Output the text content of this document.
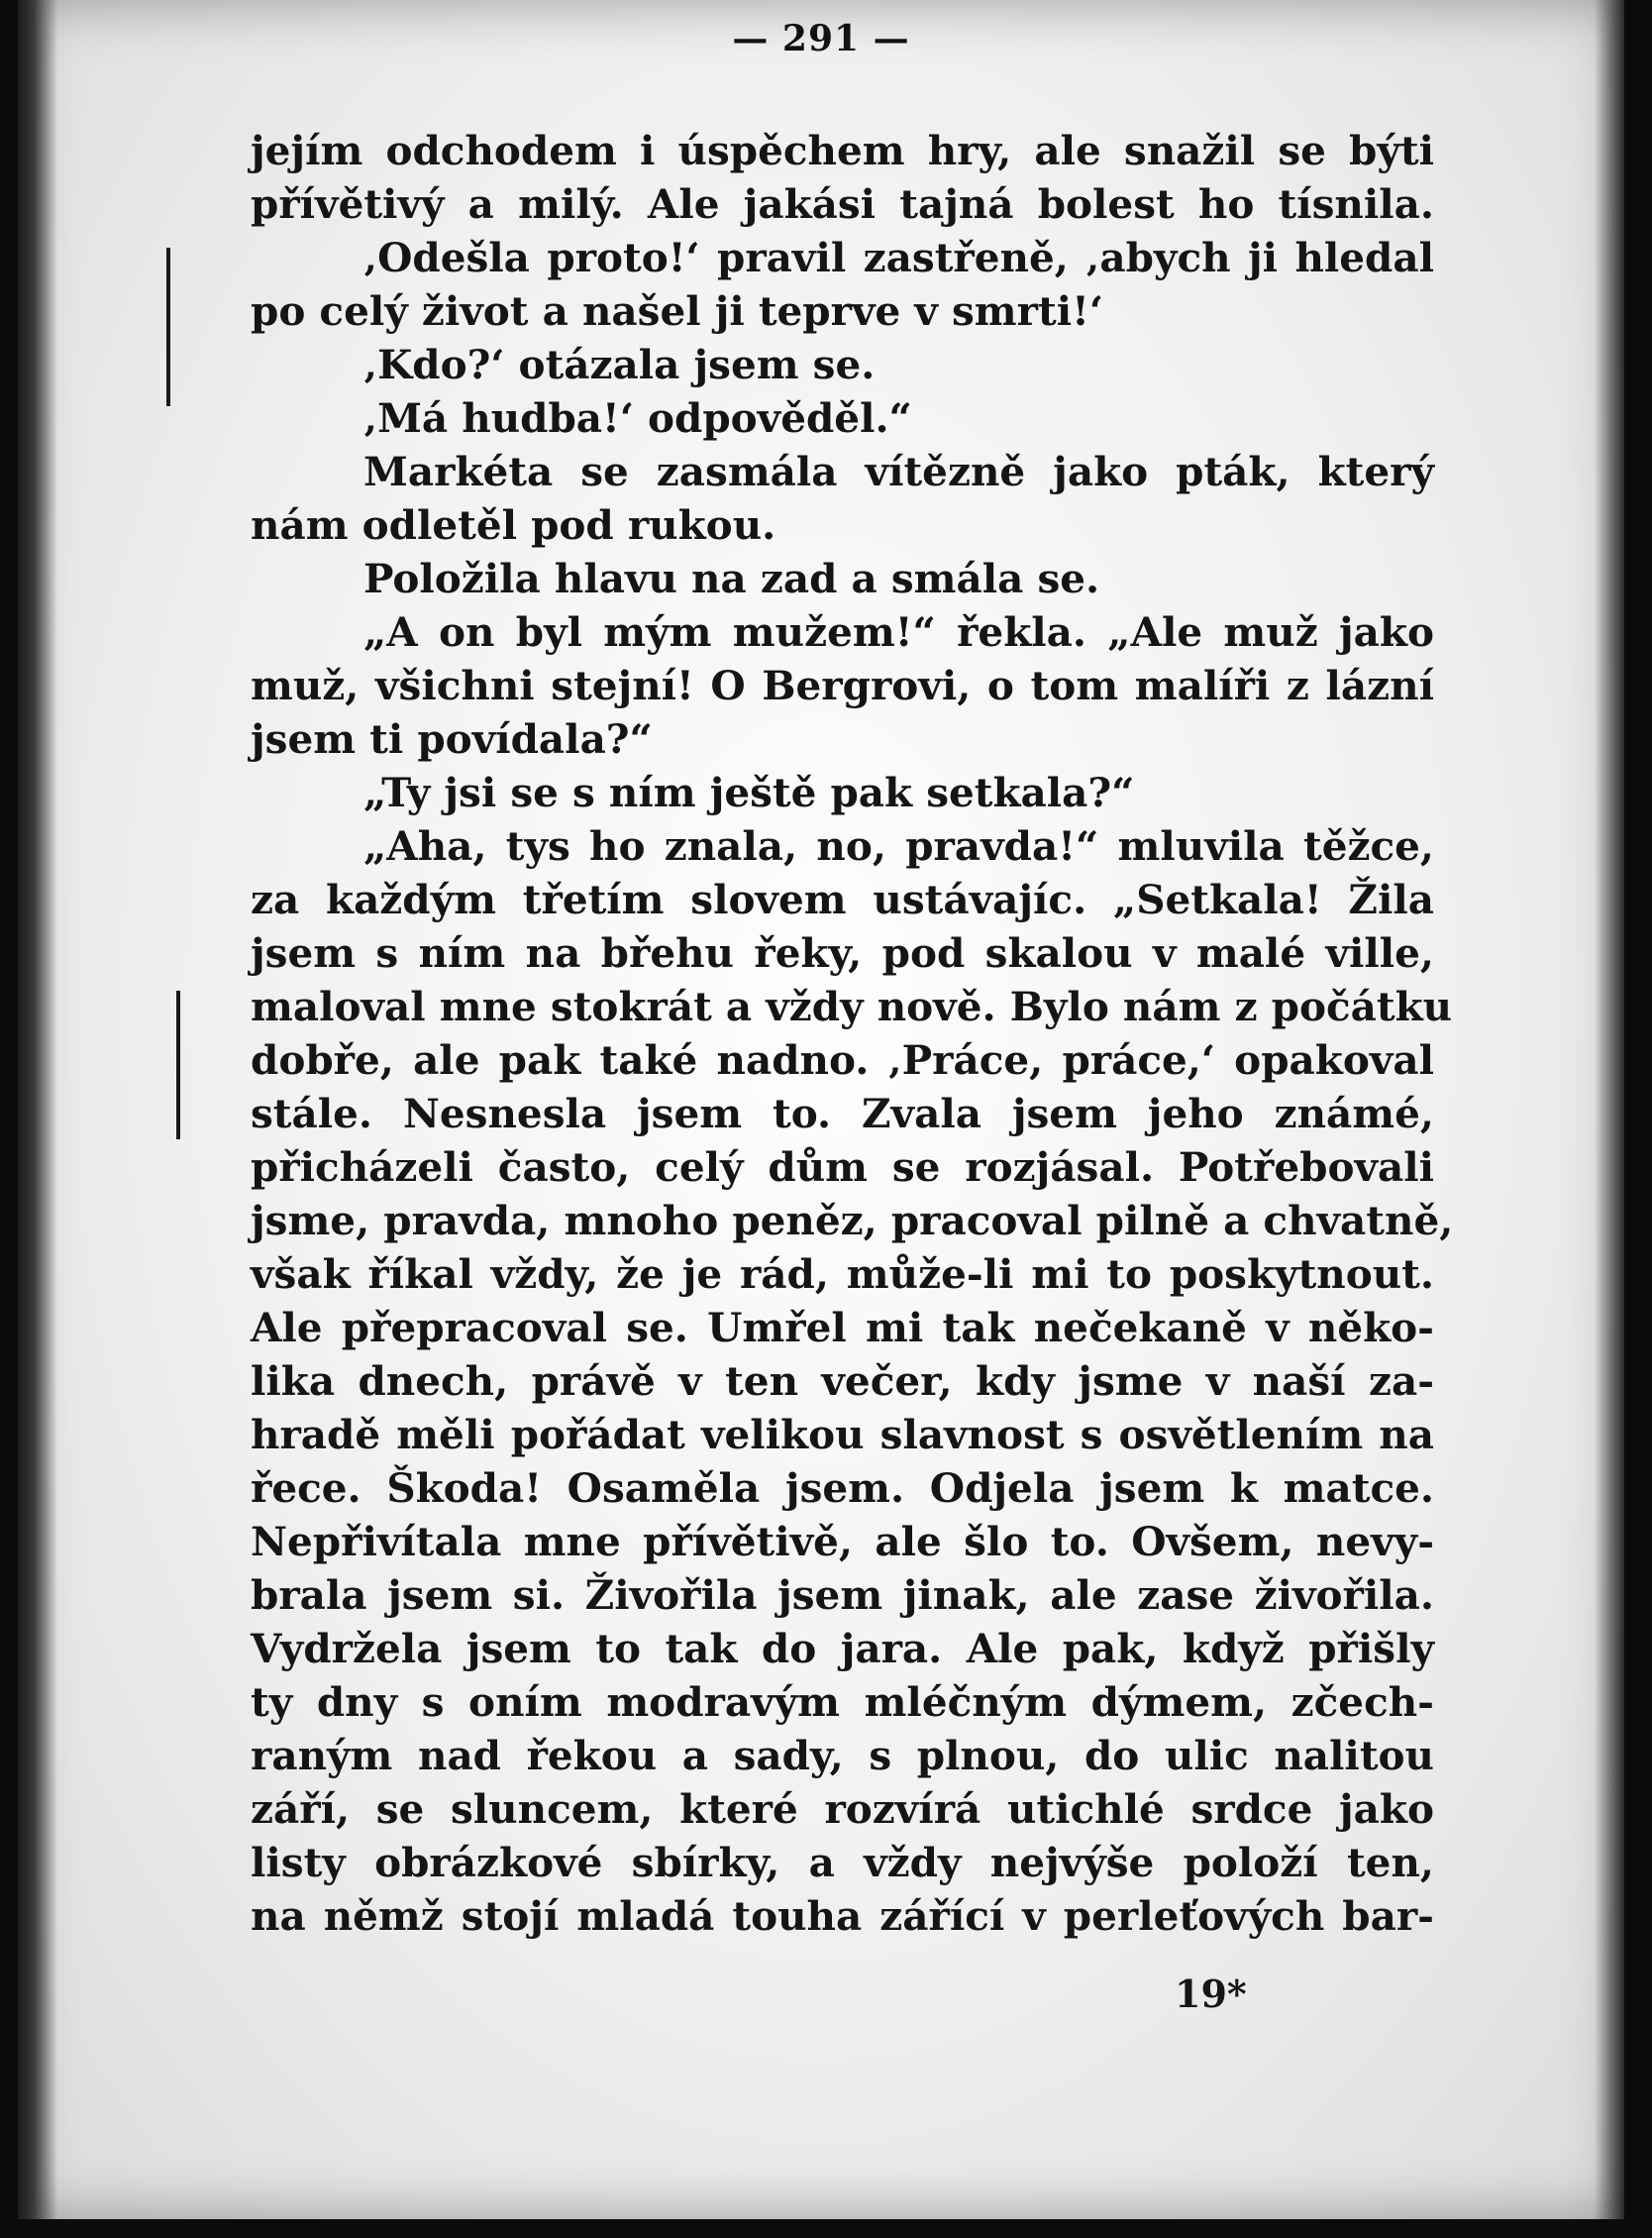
— 291 —
jejím odchodem i úspěchem hry, ale snažil se býti
přívětivý a milý. Ale jakási tajná bolest ho tísnila.
‚Odešla proto!‘ pravil zastřeně, ‚abych ji hledal
po celý život a našel ji teprve v smrti!‘
‚Kdo?‘ otázala jsem se.
‚Má hudba!‘ odpověděl.“
Markéta se zasmála vítězně jako pták, který
nám odletěl pod rukou.
Položila hlavu na zad a smála se.
„A on byl mým mužem!“ řekla. „Ale muž jako
muž, všichni stejní! O Bergrovi, o tom malíři z lázní
jsem ti povídala?“
„Ty jsi se s ním ještě pak setkala?“
„Aha, tys ho znala, no, pravda!“ mluvila těžce,
za každým třetím slovem ustávajíc. „Setkala! Žila
jsem s ním na břehu řeky, pod skalou v malé ville,
maloval mne stokrát a vždy nově. Bylo nám z počátku
dobře, ale pak také nadno. ‚Práce, práce,‘ opakoval
stále. Nesnesla jsem to. Zvala jsem jeho známé,
přicházeli často, celý dům se rozjásal. Potřebovali
jsme, pravda, mnoho peněz, pracoval pilně a chvatně,
však říkal vždy, že je rád, může-li mi to poskytnout.
Ale přepracoval se. Umřel mi tak nečekaně v něko-
lika dnech, právě v ten večer, kdy jsme v naší za-
hradě měli pořádat velikou slavnost s osvětlením na
řece. Škoda! Osaměla jsem. Odjela jsem k matce.
Nepřivítala mne přívětivě, ale šlo to. Ovšem, nevy-
brala jsem si. Živořila jsem jinak, ale zase živořila.
Vydržela jsem to tak do jara. Ale pak, když přišly
ty dny s oním modravým mléčným dýmem, zčech-
raným nad řekou a sady, s plnou, do ulic nalitou
září, se sluncem, které rozvírá utichlé srdce jako
listy obrázkové sbírky, a vždy nejvýše položí ten,
na němž stojí mladá touha zářící v perleťových bar-
19*
